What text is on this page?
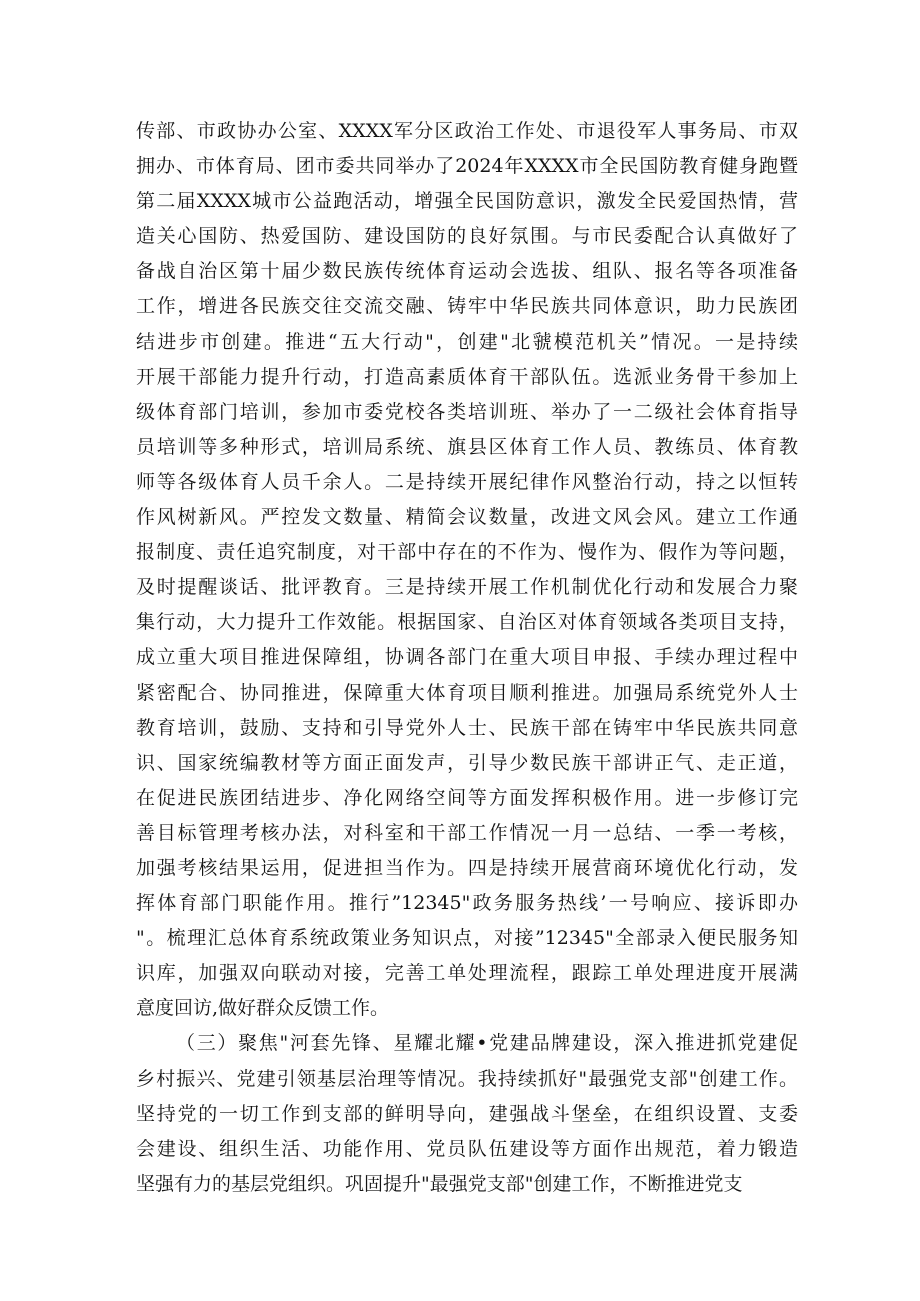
传部、市政协办公室、XXXX军分区政治工作处、市退役军人事务局、市双
拥办、市体育局、团市委共同举办了2024年XXXX市全民国防教育健身跑暨
第二届XXXX城市公益跑活动，增强全民国防意识，激发全民爱国热情，营
造关心国防、热爱国防、建设国防的良好氛围。与市民委配合认真做好了
备战自治区第十届少数民族传统体育运动会选拔、组队、报名等各项准备
工作，增进各民族交往交流交融、铸牢中华民族共同体意识，助力民族团
结进步市创建。推进“五大行动"，创建"北虢模范机关”情况。一是持续
开展干部能力提升行动，打造高素质体育干部队伍。选派业务骨干参加上
级体育部门培训，参加市委党校各类培训班、举办了一二级社会体育指导
员培训等多种形式，培训局系统、旗县区体育工作人员、教练员、体育教
师等各级体育人员千余人。二是持续开展纪律作风整治行动，持之以恒转
作风树新风。严控发文数量、精简会议数量，改进文风会风。建立工作通
报制度、责任追究制度，对干部中存在的不作为、慢作为、假作为等问题，
及时提醒谈话、批评教育。三是持续开展工作机制优化行动和发展合力聚
集行动，大力提升工作效能。根据国家、自治区对体育领域各类项目支持，
成立重大项目推进保障组，协调各部门在重大项目申报、手续办理过程中
紧密配合、协同推进，保障重大体育项目顺利推进。加强局系统党外人士
教育培训，鼓励、支持和引导党外人士、民族干部在铸牢中华民族共同意
识、国家统编教材等方面正面发声，引导少数民族干部讲正气、走正道，
在促进民族团结进步、净化网络空间等方面发挥积极作用。进一步修订完
善目标管理考核办法，对科室和干部工作情况一月一总结、一季一考核，
加强考核结果运用，促进担当作为。四是持续开展营商环境优化行动，发
挥体育部门职能作用。推行”12345"政务服务热线’一号响应、接诉即办
"。梳理汇总体育系统政策业务知识点，对接”12345"全部录入便民服务知
识库，加强双向联动对接，完善工单处理流程，跟踪工单处理进度开展满
意度回访,做好群众反馈工作。
（三）聚焦"河套先锋、星耀北耀•党建品牌建设，深入推进抓党建促
乡村振兴、党建引领基层治理等情况。我持续抓好"最强党支部"创建工作。
坚持党的一切工作到支部的鲜明导向，建强战斗堡垒，在组织设置、支委
会建设、组织生活、功能作用、党员队伍建设等方面作出规范，着力锻造
坚强有力的基层党组织。巩固提升"最强党支部"创建工作，不断推进党支
